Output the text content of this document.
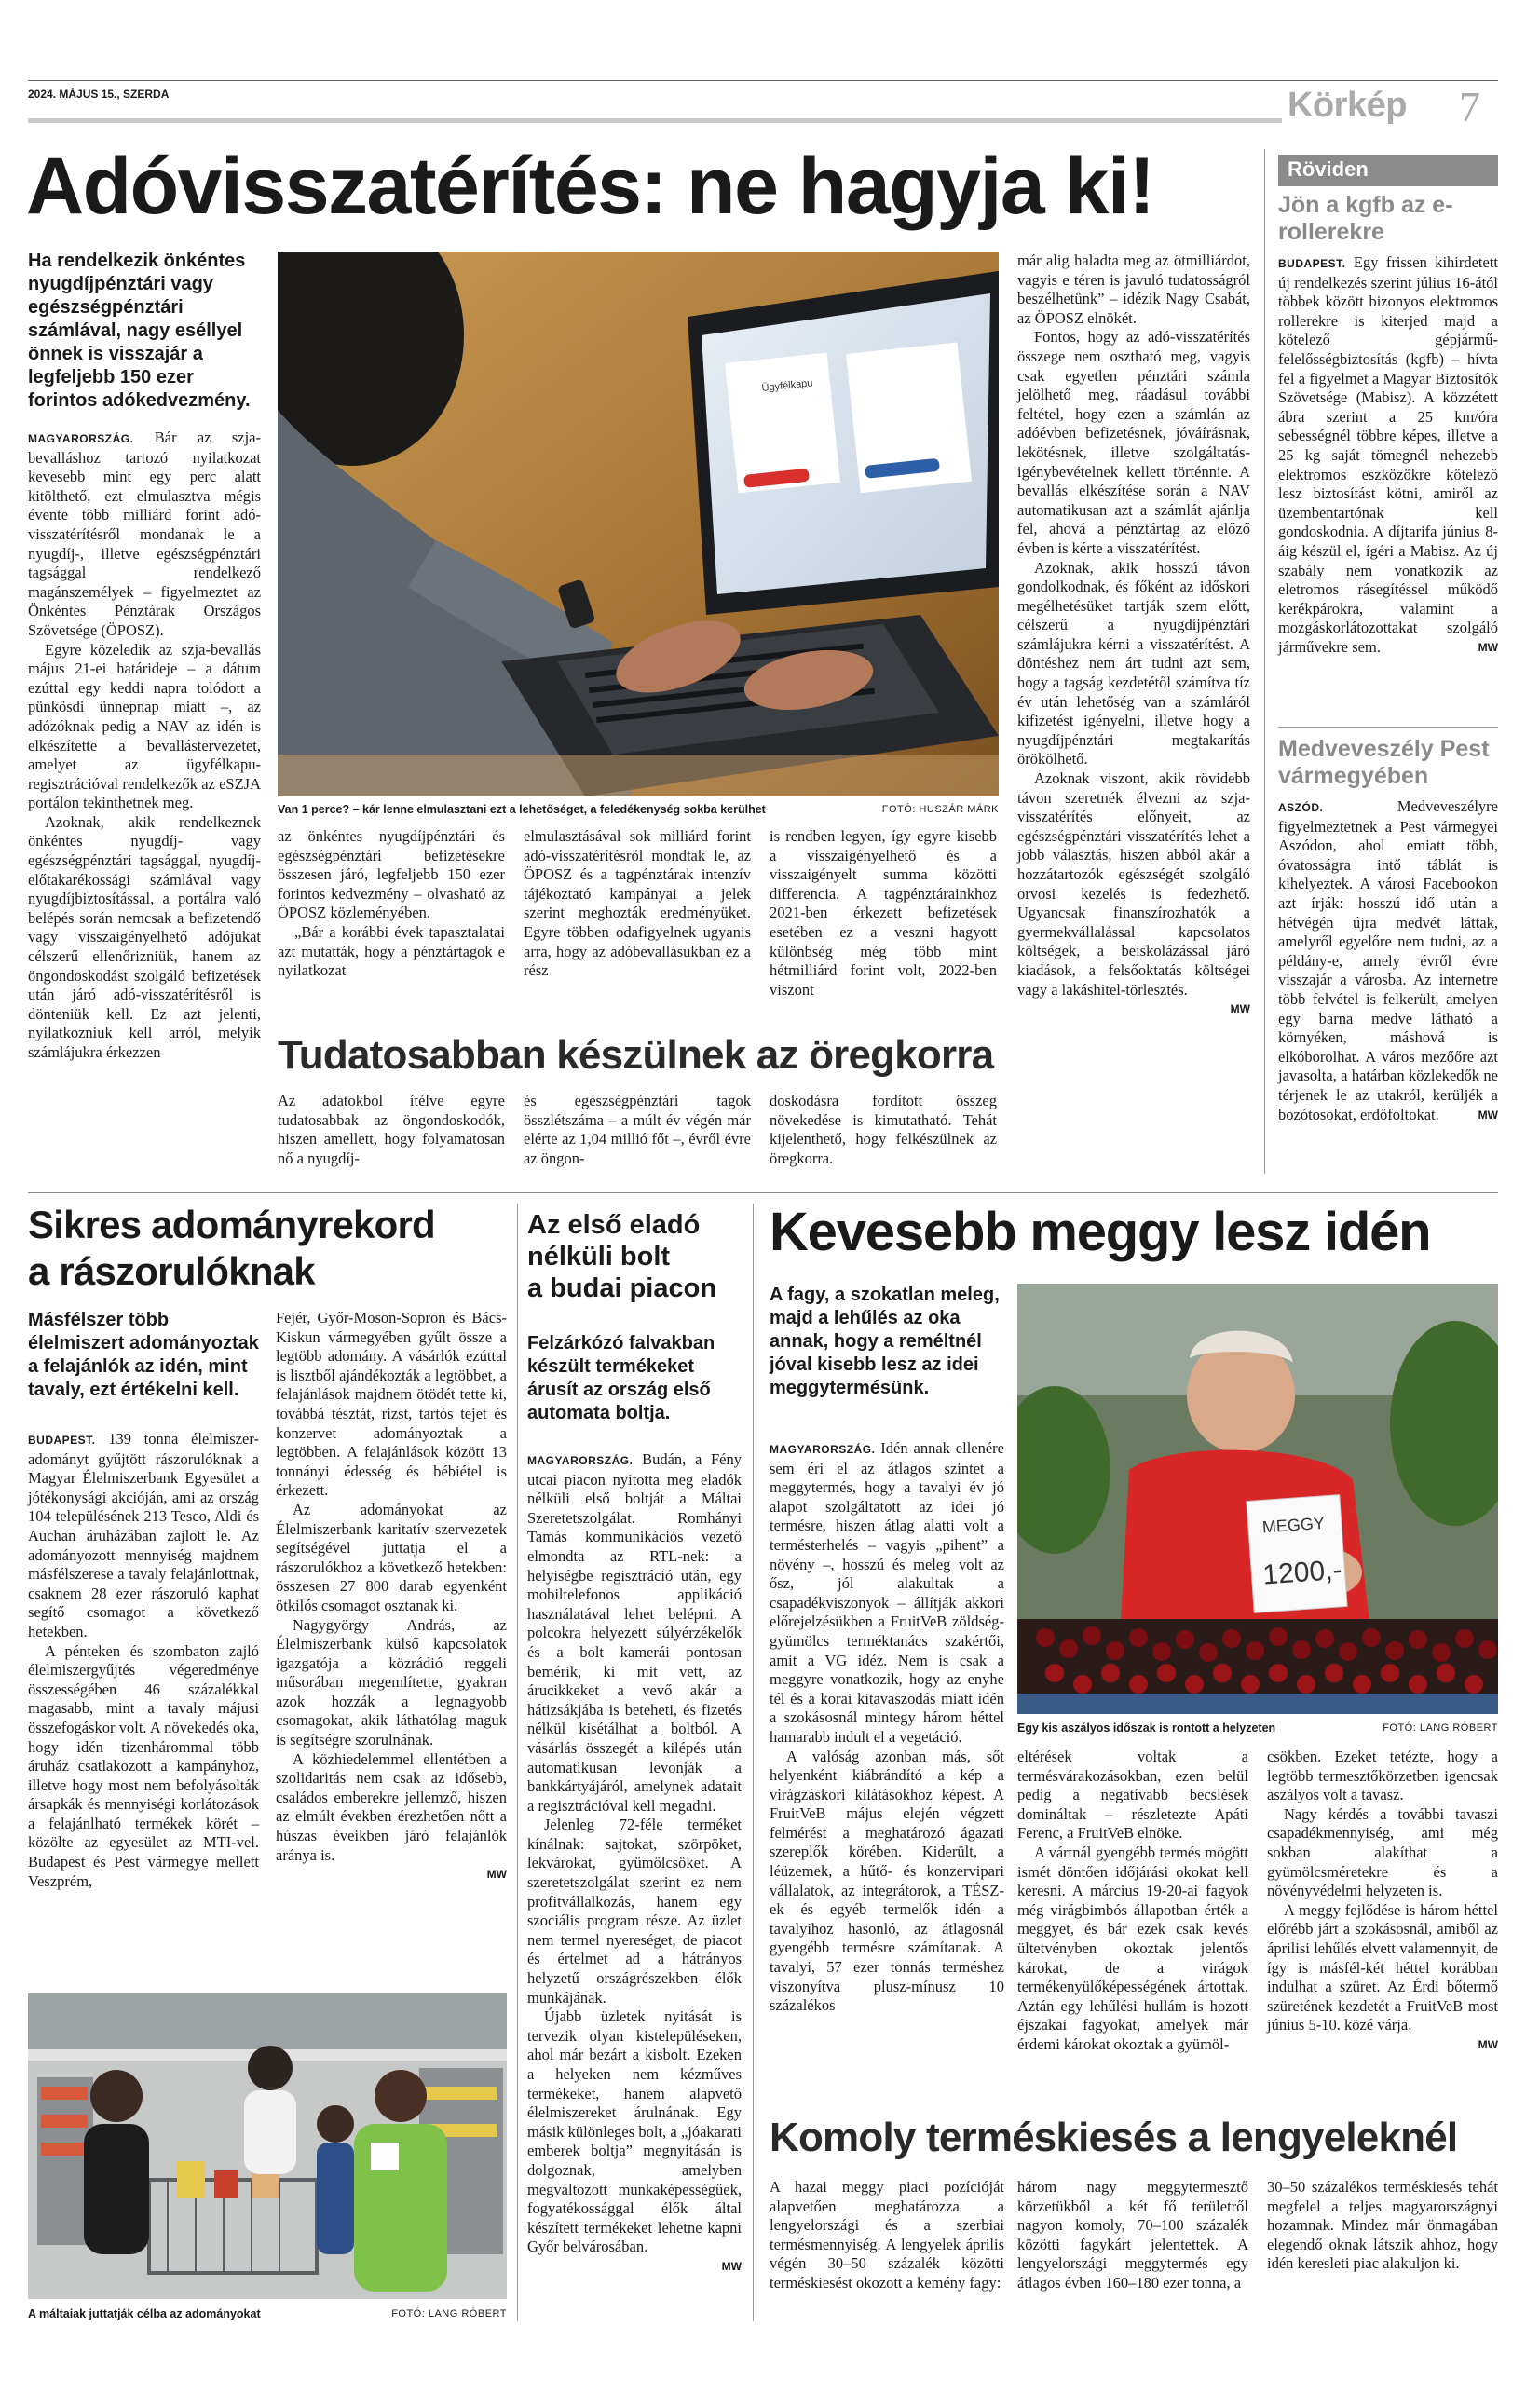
2024. MÁJUS 15., SZERDA	Körkép 7
Adóvisszatérítés: ne hagyja ki!
Ha rendelkezik önkéntes nyugdíjpénztári vagy egészségpénztári számlával, nagy eséllyel önnek is visszajár a legfeljebb 150 ezer forintos adókedvezmény.

MAGYARORSZÁG. Bár az szja-bevalláshoz tartozó nyilatkozat kevesebb mint egy perc alatt kitölthető, ezt elmulasztva mégis évente több milliárd forint adó-visszatérítésről mondanak le a nyugdíj-, illetve egészségpénztári tagsággal rendelkező magánszemélyek – figyelmeztet az Önkéntes Pénztárak Országos Szövetsége (ÖPOSZ).

Egyre közeledik az szja-bevallás május 21-ei határideje – a dátum ezúttal egy keddi napra tolódott a pünkösdi ünnepnap miatt –, az adózóknak pedig a NAV az idén is elkészítette a bevallástervezetet, amelyet az ügyfélkapu-regisztrációval rendelkezők az eSZJA portálon tekinthetnek meg.

Azoknak, akik rendelkeznek önkéntes nyugdíj- vagy egészségpénztári tagsággal, nyugdíj-előtakarékossági számlával vagy nyugdíjbiztosítással, a portálra való belépés során nemcsak a befizetendő vagy visszaigényelhető adójukat célszerű ellenőrizniük, hanem az öngondoskodást szolgáló befizetések után járó adó-visszatérítésről is dönteniük kell. Ez azt jelenti, nyilatkozniuk kell arról, melyik számlájukra érkezzen

Ügyfélkapu
Van 1 perce? – kár lenne elmulasztani ezt a lehetőséget, a feledékenység sokba kerülhet	FOTÓ: HUSZÁR MÁRK

az önkéntes nyugdíjpénztári és egészségpénztári befizetésekre összesen járó, legfeljebb 150 ezer forintos kedvezmény – olvasható az ÖPOSZ közleményében.

„Bár a korábbi évek tapasztalatai azt mutatták, hogy a pénztártagok e nyilatkozat

elmulasztásával sok milliárd forint adó-visszatérítésről mondtak le, az ÖPOSZ és a tagpénztárak intenzív tájékoztató kampányai a jelek szerint meghozták eredményüket. Egyre többen odafigyelnek ugyanis arra, hogy az adóbevallásukban ez a rész

is rendben legyen, így egyre kisebb a visszaigényelhető és a visszaigényelt summa közötti differencia. A tagpénztárainkhoz 2021-ben érkezett befizetések esetében ez a veszni hagyott különbség még több mint hétmilliárd forint volt, 2022-ben viszont

Tudatosabban készülnek az öregkorra

Az adatokból ítélve egyre tudatosabbak az öngondoskodók, hiszen amellett, hogy folyamatosan nő a nyugdíj-

és egészségpénztári tagok összlétszáma – a múlt év végén már elérte az 1,04 millió főt –, évről évre az öngon-

doskodásra fordított összeg növekedése is kimutatható. Tehát kijelenthető, hogy felkészülnek az öregkorra.

már alig haladta meg az ötmilliárdot, vagyis e téren is javuló tudatosságról beszélhetünk” – idézik Nagy Csabát, az ÖPOSZ elnökét.

Fontos, hogy az adó-visszatérítés összege nem osztható meg, vagyis csak egyetlen pénztári számla jelölhető meg, ráadásul további feltétel, hogy ezen a számlán az adóévben befizetésnek, jóváírásnak, lekötésnek, illetve szolgáltatás-igénybevételnek kellett történnie. A bevallás elkészítése során a NAV automatikusan azt a számlát ajánlja fel, ahová a pénztártag az előző évben is kérte a visszatérítést.

Azoknak, akik hosszú távon gondolkodnak, és főként az időskori megélhetésüket tartják szem előtt, célszerű a nyugdíjpénztári számlájukra kérni a visszatérítést. A döntéshez nem árt tudni azt sem, hogy a tagság kezdetétől számítva tíz év után lehetőség van a számláról kifizetést igényelni, illetve hogy a nyugdíjpénztári megtakarítás örökölhető.

Azoknak viszont, akik rövidebb távon szeretnék élvezni az szja-visszatérítés előnyeit, az egészségpénztári visszatérítés lehet a jobb választás, hiszen abból akár a hozzátartozók egészségét szolgáló orvosi kezelés is fedezhető. Ugyancsak finanszírozhatók a gyermekvállalással kapcsolatos költségek, a beiskolázással járó kiadások, a felsőoktatás költségei vagy a lakáshitel-törlesztés.

MW

Röviden
Jön a kgfb az e-rollerekre

BUDAPEST. Egy frissen kihirdetett új rendelkezés szerint július 16-ától többek között bizonyos elektromos rollerekre is kiterjed majd a kötelező gépjármű-felelősségbiztosítás (kgfb) – hívta fel a figyelmet a Magyar Biztosítók Szövetsége (Mabisz). A közzétett ábra szerint a 25 km/óra sebességnél többre képes, illetve a 25 kg saját tömegnél nehezebb elektromos eszközökre kötelező lesz biztosítást kötni, amiről az üzembentartónak kell gondoskodnia. A díjtarifa június 8-áig készül el, ígéri a Mabisz. Az új szabály nem vonatkozik az eletromos rásegítéssel működő kerékpárokra, valamint a mozgáskorlátozottakat szolgáló járművekre sem.	MW

Medveveszély Pest vármegyében

ASZÓD.	Medveveszélyre figyelmeztetnek a Pest vármegyei Aszódon, ahol emiatt több, óvatosságra intő táblát is kihelyeztek. A városi Facebookon azt írják: hosszú idő után a hétvégén újra medvét láttak, amelyről egyelőre nem tudni, az a példány-e, amely évről évre visszajár a városba. Az internetre több felvétel is felkerült, amelyen egy barna medve látható a környéken, máshová is elkóborolhat. A város mezőőre azt javasolta, a határban közlekedők ne térjenek le az utakról, kerüljék a bozótosokat, erdőfoltokat.	MW

Sikres adományrekord
a rászorulóknak
Másfélszer több élelmiszert adományoztak a felajánlók az idén, mint tavaly, ezt értékelni kell.

BUDAPEST. 139 tonna élelmiszer-adományt gyűjtött rászorulóknak a Magyar Élelmiszerbank Egyesület a jótékonysági akcióján, ami az ország 104 településének 213 Tesco, Aldi és Auchan áruházában zajlott le. Az adományozott mennyiség majdnem másfélszerese a tavaly felajánlottnak, csaknem 28 ezer rászoruló kaphat segítő csomagot a következő hetekben.

A pénteken és szombaton zajló élelmiszergyűjtés végeredménye összességében 46 százalékkal magasabb, mint a tavaly májusi összefogáskor volt. A növekedés oka, hogy idén tizenhárommal több áruház csatlakozott a kampányhoz, illetve hogy most nem befolyásolták ársapkák és mennyiségi korlátozások a felajánlható termékek körét – közölte az egyesület az MTI-vel. Budapest és Pest vármegye mellett Veszprém,

Fejér, Győr-Moson-Sopron és Bács-Kiskun vármegyében gyűlt össze a legtöbb adomány. A vásárlók ezúttal is lisztből ajándékozták a legtöbbet, a felajánlások majdnem ötödét tette ki, továbbá tésztát, rizst, tartós tejet és konzervet adományoztak a legtöbben. A felajánlások között 13 tonnányi édesség és bébiétel is érkezett.

Az adományokat az Élelmiszerbank karitatív szervezetek segítségével juttatja el a rászorulókhoz a következő hetekben: összesen 27 800 darab egyenként ötkilós csomagot osztanak ki.

Nagygyörgy András, az Élelmiszerbank külső kapcsolatok igazgatója a közrádió reggeli műsorában megemlítette, gyakran azok hozzák a legnagyobb csomagokat, akik láthatólag maguk is segítségre szorulnának.

A közhiedelemmel ellentétben a szolidaritás nem csak az idősebb, családos emberekre jellemző, hiszen az elmúlt években érezhetően nőtt a húszas éveikben járó felajánlók aránya is.

MW

A máltaiak juttatják célba az adományokat	FOTÓ: LANG RÓBERT
Az első eladó
nélküli bolt
a budai piacon
Felzárkózó falvakban készült termékeket árusít az ország első automata boltja.

MAGYARORSZÁG. Budán, a Fény utcai piacon nyitotta meg eladók nélküli első boltját a Máltai Szeretetszolgálat. Romhányi Tamás kommunikációs vezető elmondta az RTL-nek: a helyiségbe regisztráció után, egy mobiltelefonos applikáció használatával lehet belépni. A polcokra helyezett súlyérzékelők és a bolt kamerái pontosan bemérik, ki mit vett, az árucikkeket a vevő akár a hátizsákjába is beteheti, és fizetés nélkül kisétálhat a boltból. A vásárlás összegét a kilépés után automatikusan levonják a bankkártyájáról, amelynek adatait a regisztrációval kell megadni.

Jelenleg 72-féle terméket kínálnak: sajtokat, szörpöket, lekvárokat, gyümölcsöket. A szeretetszolgálat szerint ez nem profitvállalkozás, hanem egy szociális program része. Az üzlet nem termel nyereséget, de piacot és értelmet ad a hátrányos helyzetű országrészekben élők munkájának.

Újabb üzletek nyitását is tervezik olyan kistelepüléseken, ahol már bezárt a kisbolt. Ezeken a helyeken nem kézműves termékeket, hanem alapvető élelmiszereket árulnának. Egy másik különleges bolt, a „jóakarati emberek boltja” megnyitásán is dolgoznak, amelyben megváltozott munkaképességűek, fogyatékossággal élők által készített termékeket lehetne kapni Győr belvárosában.

MW

Kevesebb meggy lesz idén
A fagy, a szokatlan meleg, majd a lehűlés az oka annak, hogy a reméltnél jóval kisebb lesz az idei meggytermésünk.

MAGYARORSZÁG. Idén annak ellenére sem éri el az átlagos szintet a meggytermés, hogy a tavalyi év jó alapot szolgáltatott az idei jó termésre, hiszen átlag alatti volt a termésterhelés – vagyis „pihent” a növény –, hosszú és meleg volt az ősz, jól alakultak a csapadékviszonyok – állítják akkori előrejelzésükben a FruitVeB zöldség-gyümölcs terméktanács szakértői, amit a VG idéz. Nem is csak a meggyre vonatkozik, hogy az enyhe tél és a korai kitavaszodás miatt idén a szokásosnál mintegy három héttel hamarabb indult el a vegetáció.

A valóság azonban más, sőt helyenként kiábrándító a kép a virágzáskori kilátásokhoz képest. A FruitVeB május elején végzett felmérést a meghatározó ágazati szereplők körében. Kiderült, a léüzemek, a hűtő- és konzervipari vállalatok, az integrátorok, a TÉSZ-ek és egyéb termelők idén a tavalyihoz hasonló, az átlagosnál gyengébb termésre számítanak. A tavalyi, 57 ezer tonnás terméshez viszonyítva plusz-mínusz 10 százalékos

MEGGY
1200,-
Egy kis aszályos időszak is rontott a helyzeten	FOTÓ: LANG RÓBERT

eltérések voltak a termésvárakozásokban, ezen belül pedig a negatívabb becslések domináltak – részletezte Apáti Ferenc, a FruitVeB elnöke.

A vártnál gyengébb termés mögött ismét döntően időjárási okokat kell keresni. A március 19-20-ai fagyok még virágbimbós állapotban érték a meggyet, és bár ezek csak kevés ültetvényben okoztak jelentős károkat, de a virágok termékenyülőképességének ártottak. Aztán egy lehűlési hullám is hozott éjszakai fagyokat, amelyek már érdemi károkat okoztak a gyümöl-

csökben. Ezeket tetézte, hogy a legtöbb termesztőkörzetben igencsak aszályos volt a tavasz.

Nagy kérdés a további tavaszi csapadékmennyiség, ami még sokban alakíthat a gyümölcsméretekre és a növényvédelmi helyzeten is.

A meggy fejlődése is három héttel előrébb járt a szokásosnál, amiből az áprilisi lehűlés elvett valamennyit, de így is másfél-két héttel korábban indulhat a szüret. Az Érdi bőtermő szüretének kezdetét a FruitVeB most június 5-10. közé várja.

MW

Komoly terméskiesés a lengyeleknél

A hazai meggy piaci pozícióját alapvetően meghatározza a lengyelországi és a szerbiai termésmennyiség. A lengyelek április végén 30–50 százalék közötti terméskiesést okozott a kemény fagy:

három nagy meggytermesztő körzetükből a két fő területről nagyon komoly, 70–100 százalék közötti fagykárt jelentettek. A lengyelországi meggytermés egy átlagos évben 160–180 ezer tonna, a

30–50 százalékos terméskiesés tehát megfelel a teljes magyarországnyi hozamnak. Mindez már önmagában elegendő oknak látszik ahhoz, hogy idén keresleti piac alakuljon ki.
